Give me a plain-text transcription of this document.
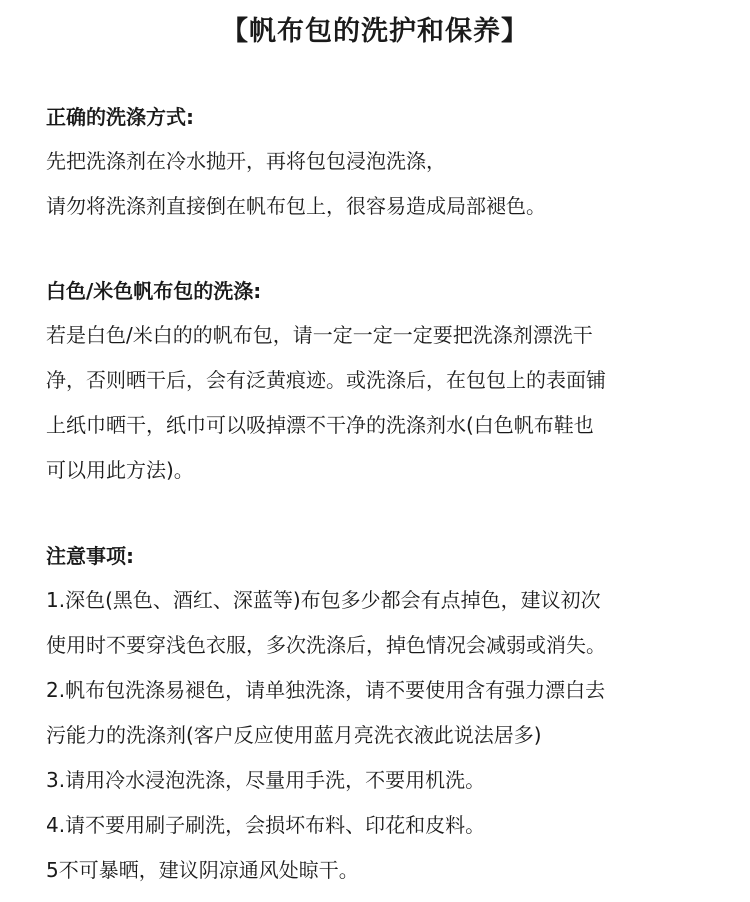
【帆布包的洗护和保养】

正确的洗涤方式:

先把洗涤剂在冷水抛开，再将包包浸泡洗涤，

请勿将洗涤剂直接倒在帆布包上，很容易造成局部褪色。

白色/米色帆布包的洗涤:

若是白色/米白的的帆布包，请一定一定一定要把洗涤剂漂洗干

净，否则晒干后，会有泛黄痕迹。或洗涤后，在包包上的表面铺

上纸巾晒干，纸巾可以吸掉漂不干净的洗涤剂水(白色帆布鞋也

可以用此方法)。

注意事项:

1.深色(黑色、酒红、深蓝等)布包多少都会有点掉色，建议初次

使用时不要穿浅色衣服，多次洗涤后，掉色情况会减弱或消失。

2.帆布包洗涤易褪色，请单独洗涤，请不要使用含有强力漂白去

污能力的洗涤剂(客户反应使用蓝月亮洗衣液此说法居多)

3.请用冷水浸泡洗涤，尽量用手洗，不要用机洗。

4.请不要用刷子刷洗，会损坏布料、印花和皮料。

5不可暴晒，建议阴凉通风处晾干。
